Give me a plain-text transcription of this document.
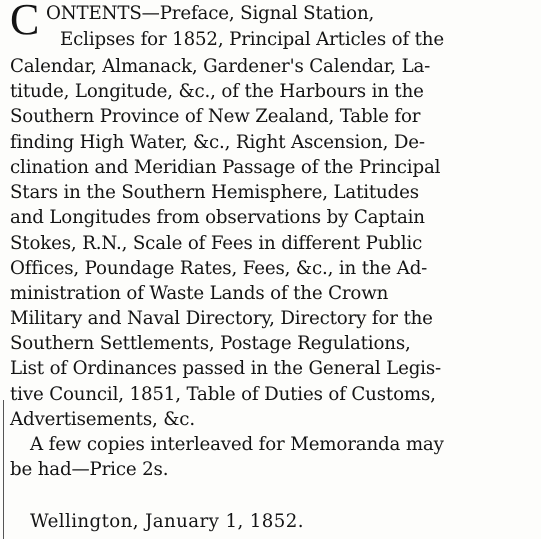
C ONTENTS—Preface, Signal Station,
Eclipses for 1852, Principal Articles of the
Calendar, Almanack, Gardener's Calendar, La-
titude, Longitude, &c., of the Harbours in the
Southern Province of New Zealand, Table for
finding High Water, &c., Right Ascension, De-
clination and Meridian Passage of the Principal
Stars in the Southern Hemisphere, Latitudes
and Longitudes from observations by Captain
Stokes, R.N., Scale of Fees in different Public
Offices, Poundage Rates, Fees, &c., in the Ad-
ministration of Waste Lands of the Crown
Military and Naval Directory, Directory for the
Southern Settlements, Postage Regulations,
List of Ordinances passed in the General Legis-
tive Council, 1851, Table of Duties of Customs,
Advertisements, &c.
A few copies interleaved for Memoranda may
be had—Price 2s.
Wellington, January 1, 1852.
